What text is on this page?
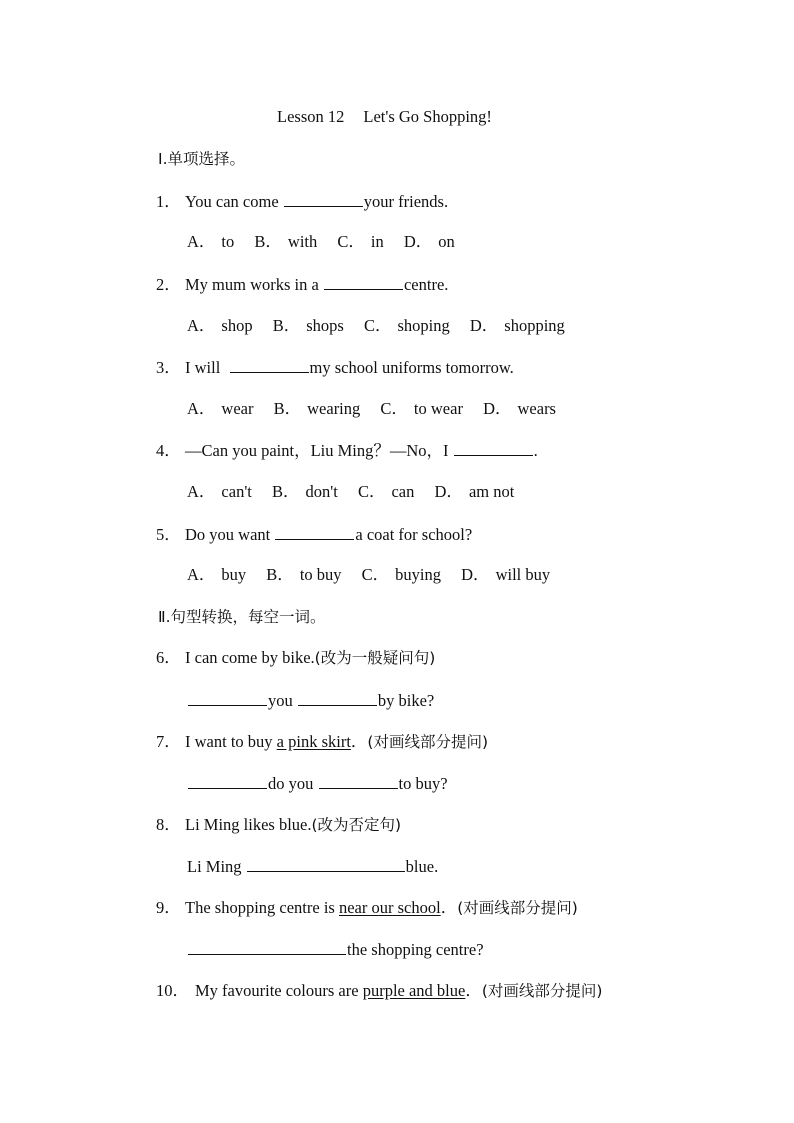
Lesson 12 Let's Go Shopping!
Ⅰ.单项选择。
1． You can come	your friends.
A． to B． with C． in D． on
2． My mum works in a	centre.
A． shop B． shops C． shoping D． shopping
3． I will	my school uniforms tomorrow.
A． wear B． wearing C． to wear D． wears
4． —Can you paint，Liu Ming？—No，I	.
A． can't B． don't C． can D． am not
5． Do you want	a coat for school?
A． buy B． to buy C． buying D． will buy
Ⅱ.句型转换，每空一词。
6． I can come by bike.(改为一般疑问句)
you	by bike?
7． I want to buy a pink skirt．(对画线部分提问)
do you	to buy?
8． Li Ming likes blue.(改为否定句)
Li Ming	blue.
9． The shopping centre is near our school．(对画线部分提问)
the shopping centre?
10． My favourite colours are purple and blue．(对画线部分提问)
